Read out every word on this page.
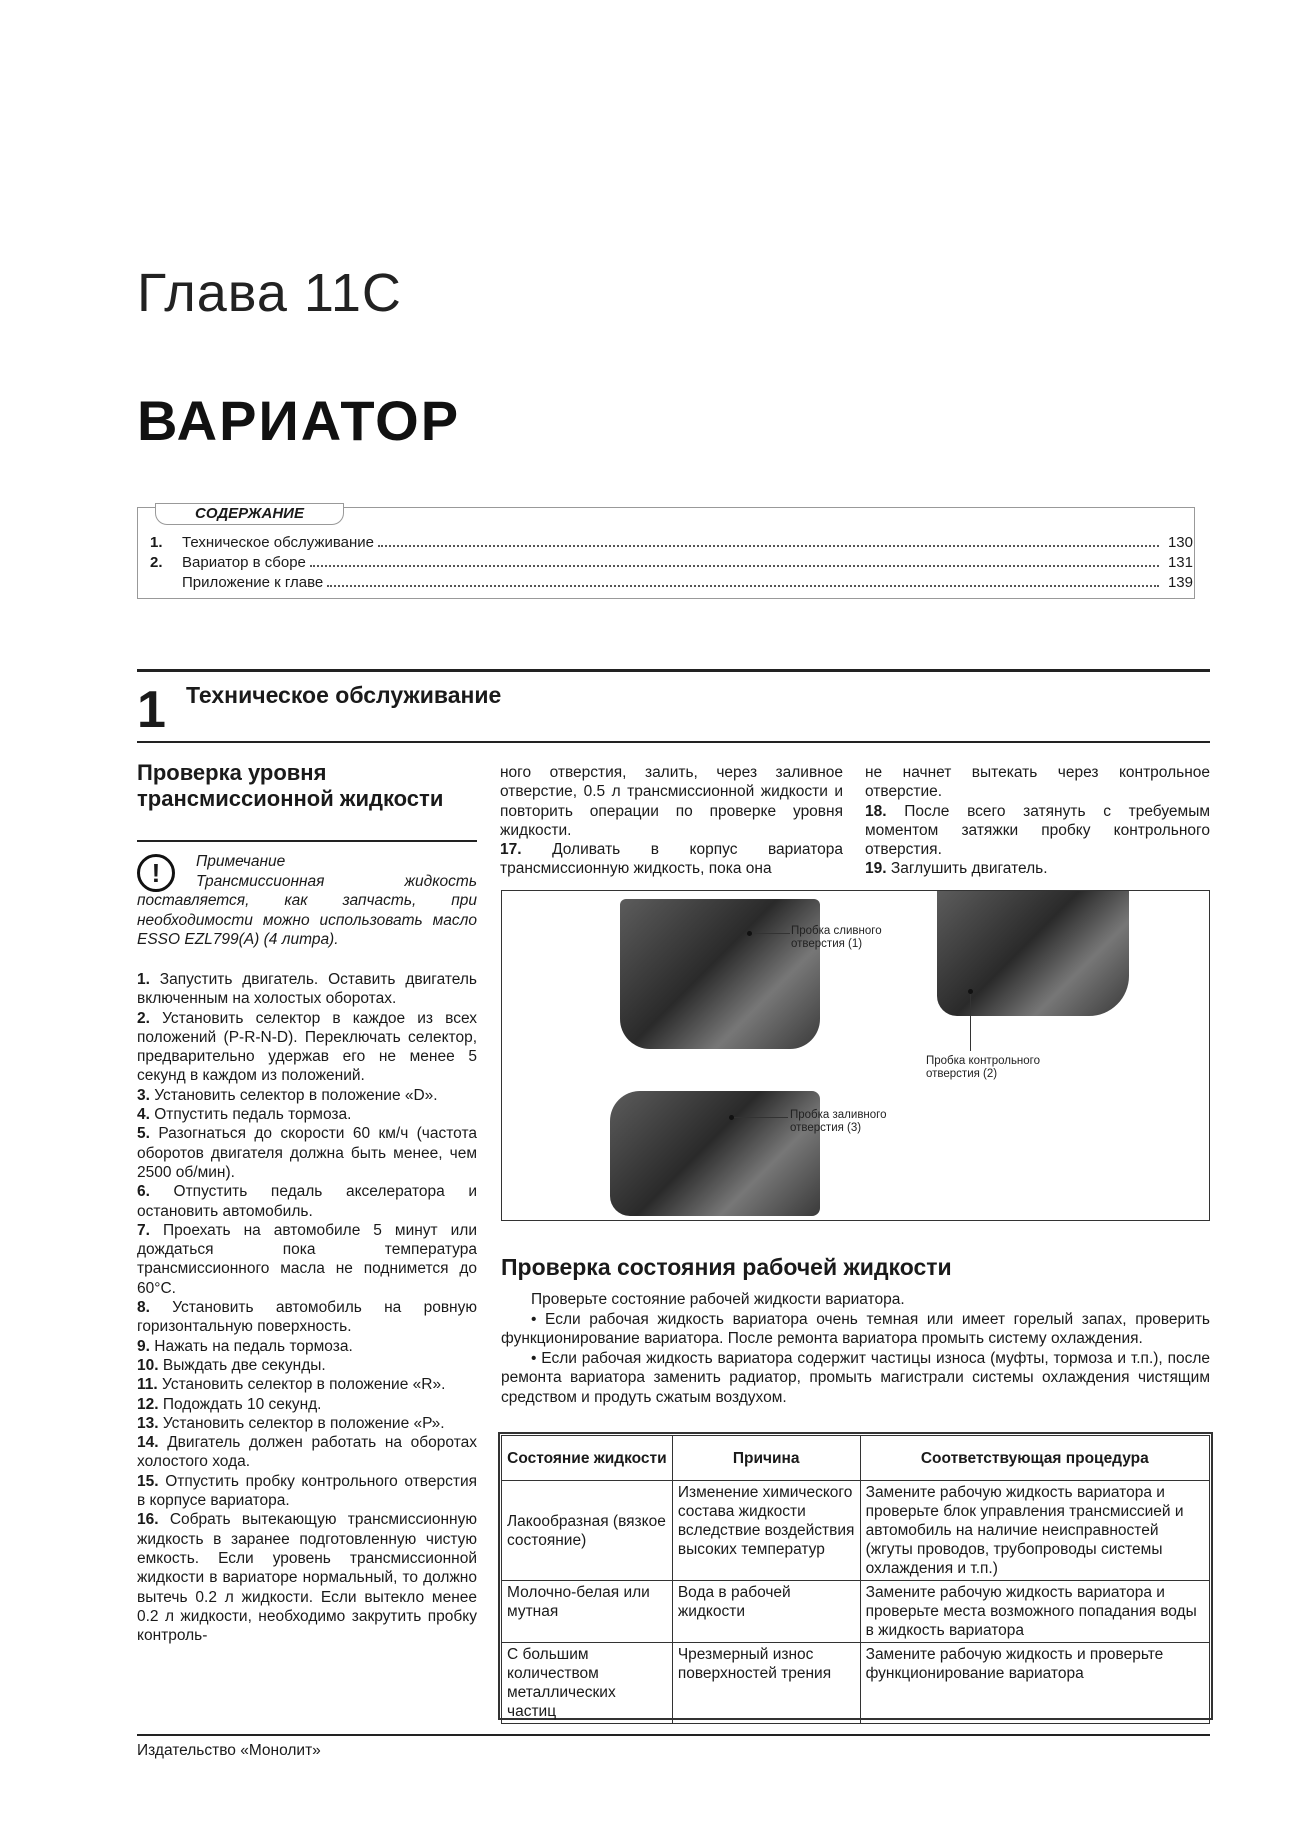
Глава 11С
ВАРИАТОР
СОДЕРЖАНИЕ
1.	Техническое обслуживание	130
2.	Вариатор в сборе	131
Приложение к главе	139
1 Техническое обслуживание
Проверка уровня трансмиссионной жидкости
!	Примечание
Трансмиссионная жидкость поставляется, как запчасть, при необходимости можно использовать масло ESSO EZL799(A) (4 литра).

1. Запустить двигатель. Оставить двигатель включенным на холостых оборотах.

2. Установить селектор в каждое из всех положений (P-R-N-D). Переключать селектор, предварительно удержав его не менее 5 секунд в каждом из положений.

3. Установить селектор в положение «D».

4. Отпустить педаль тормоза.

5. Разогнаться до скорости 60 км/ч (частота оборотов двигателя должна быть менее, чем 2500 об/мин).

6. Отпустить педаль акселератора и остановить автомобиль.

7. Проехать на автомобиле 5 минут или дождаться пока температура трансмиссионного масла не поднимется до 60°С.

8. Установить автомобиль на ровную горизонтальную поверхность.

9. Нажать на педаль тормоза.

10. Выждать две секунды.

11. Установить селектор в положение «R».

12. Подождать 10 секунд.

13. Установить селектор в положение «Р».

14. Двигатель должен работать на оборотах холостого хода.

15. Отпустить пробку контрольного отверстия в корпусе вариатора.

16. Собрать вытекающую трансмиссионную жидкость в заранее подготовленную чистую емкость. Если уровень трансмиссионной жидкости в вариаторе нормальный, то должно вытечь 0.2 л жидкости. Если вытекло менее 0.2 л жидкости, необходимо закрутить пробку контроль-

ного отверстия, залить, через заливное отверстие, 0.5 л трансмиссионной жидкости и повторить операции по проверке уровня жидкости.

17. Доливать в корпус вариатора трансмиссионную жидкость, пока она

не начнет вытекать через контрольное отверстие.

18. После всего затянуть с требуемым моментом затяжки пробку контрольного отверстия.

19. Заглушить двигатель.

Пробка сливного отверстия (1)
Пробка контрольного отверстия (2)
Пробка заливного отверстия (3)
Проверка состояния рабочей жидкости

Проверьте состояние рабочей жидкости вариатора.

• Если рабочая жидкость вариатора очень темная или имеет горелый запах, проверить функционирование вариатора. После ремонта вариатора промыть систему охлаждения.

• Если рабочая жидкость вариатора содержит частицы износа (муфты, тормоза и т.п.), после ремонта вариатора заменить радиатор, промыть магистрали системы охлаждения чистящим средством и продуть сжатым воздухом.

Состояние жидкости	Причина	Соответствующая процедура
Лакообразная (вязкое состояние)	Изменение химического состава жидкости вследствие воздействия высоких температур	Замените рабочую жидкость вариатора и проверьте блок управления трансмиссией и автомобиль на наличие неисправностей (жгуты проводов, трубопроводы системы охлаждения и т.п.)
Молочно-белая или мутная	Вода в рабочей жидкости	Замените рабочую жидкость вариатора и проверьте места возможного попадания воды в жидкость вариатора
С большим количеством металлических частиц	Чрезмерный износ поверхностей трения	Замените рабочую жидкость и проверьте функционирование вариатора
Издательство «Монолит»
